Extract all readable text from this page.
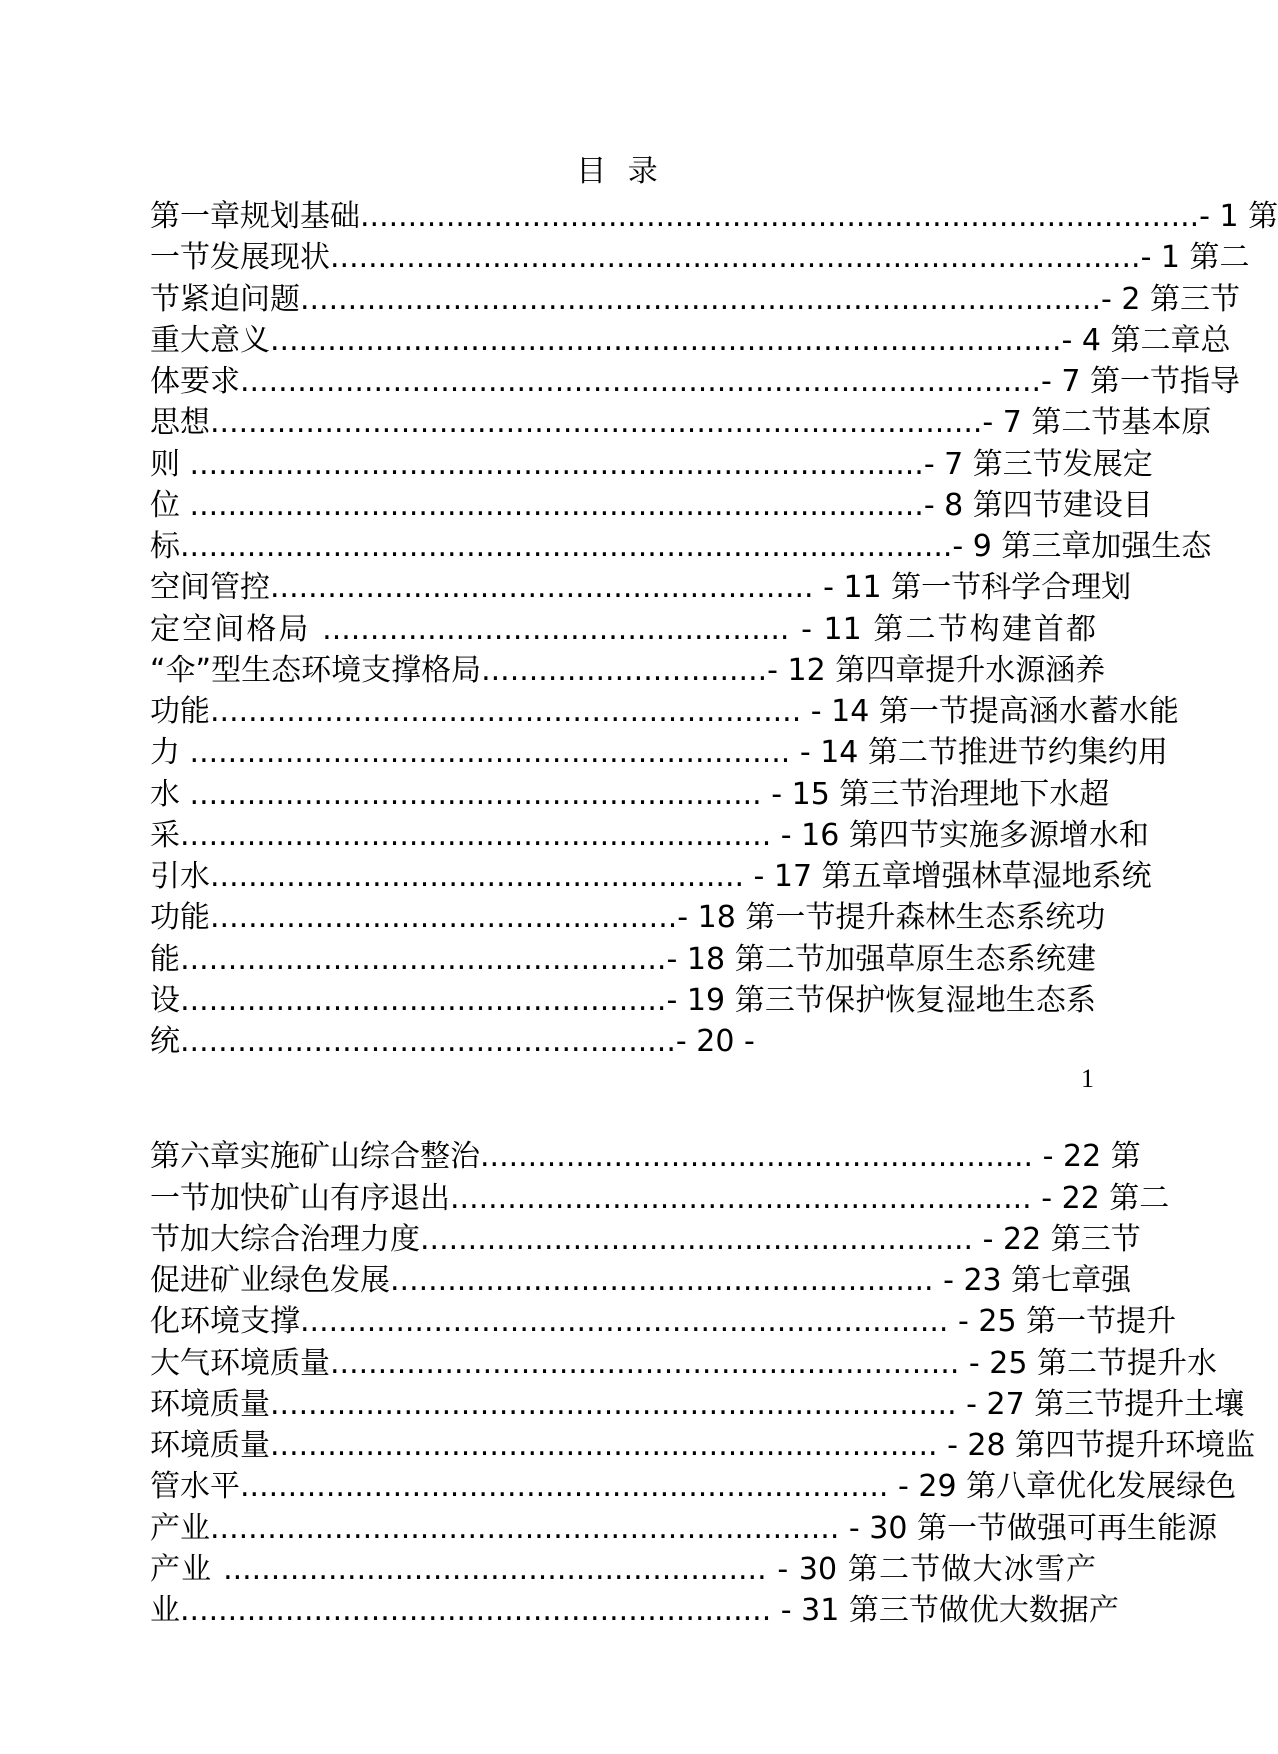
目 录
第一章规划基础........................................................................................- 1 第
一节发展现状.....................................................................................- 1 第二
节紧迫问题....................................................................................- 2 第三节
重大意义...................................................................................- 4 第二章总
体要求....................................................................................- 7 第一节指导
思想.................................................................................- 7 第二节基本原
则 .............................................................................- 7 第三节发展定
位 .............................................................................- 8 第四节建设目
标.................................................................................- 9 第三章加强生态
空间管控......................................................... - 11 第一节科学合理划
定空间格局 ................................................. - 11 第二节构建首都
“伞”型生态环境支撑格局..............................- 12 第四章提升水源涵养
功能.............................................................. - 14 第一节提高涵水蓄水能
力 ............................................................... - 14 第二节推进节约集约用
水 ............................................................ - 15 第三节治理地下水超
采.............................................................. - 16 第四节实施多源增水和
引水........................................................ - 17 第五章增强林草湿地系统
功能.................................................- 18 第一节提升森林生态系统功
能...................................................- 18 第二节加强草原生态系统建
设...................................................- 19 第三节保护恢复湿地生态系
统....................................................- 20 -
第六章实施矿山综合整治.......................................................... - 22 第
一节加快矿山有序退出............................................................. - 22 第二
节加大综合治理力度.......................................................... - 22 第三节
促进矿业绿色发展......................................................... - 23 第七章强
化环境支撑.................................................................... - 25 第一节提升
大气环境质量.................................................................. - 25 第二节提升水
环境质量........................................................................ - 27 第三节提升土壤
环境质量...................................................................... - 28 第四节提升环境监
管水平.................................................................... - 29 第八章优化发展绿色
产业.................................................................. - 30 第一节做强可再生能源
产业 ......................................................... - 30 第二节做大冰雪产
业.............................................................. - 31 第三节做优大数据产
1
